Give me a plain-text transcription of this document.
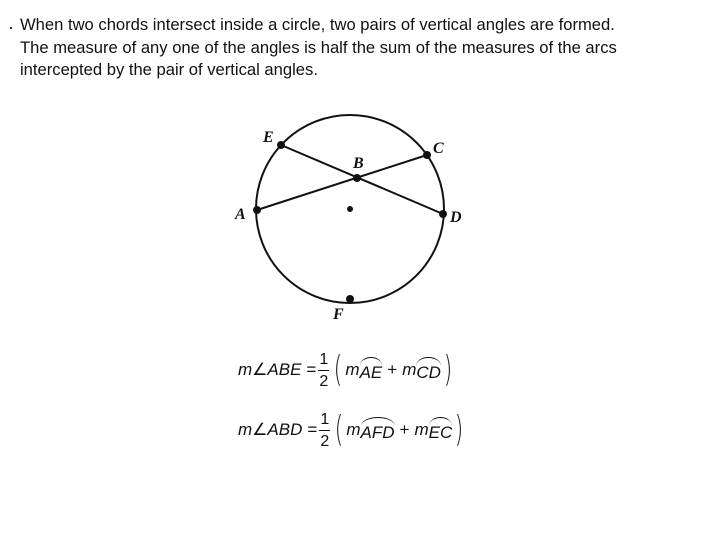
When two chords intersect inside a circle, two pairs of vertical angles are formed.
The measure of any one of the angles is half the sum of the measures of the arcs
intercepted by the pair of vertical angles.
E
C
B
A	D
F
m∠ABE = $\frac{1}{2}$ ( m AE + m CD )
m∠ABD = $\frac{1}{2}$ ( m AFD + m EC )
